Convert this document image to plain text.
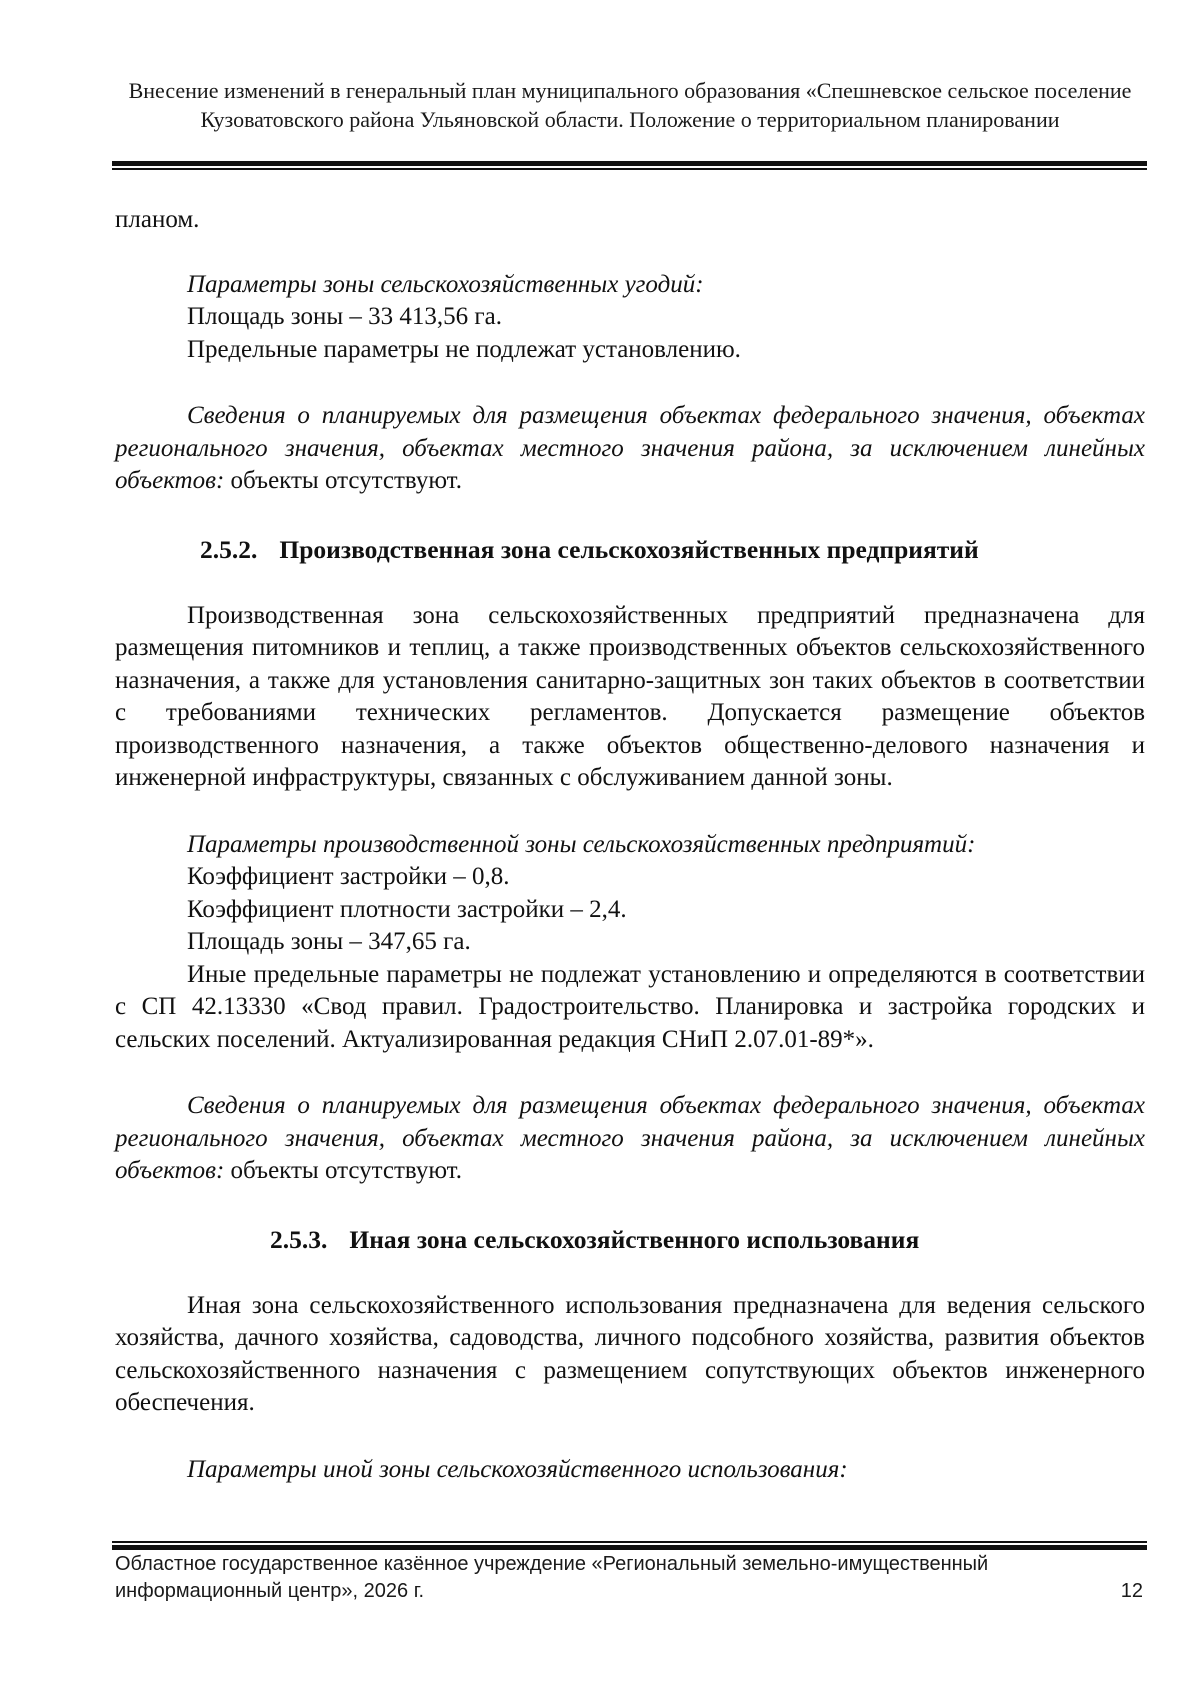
Внесение изменений в генеральный план муниципального образования «Спешневское сельское поселение Кузоватовского района Ульяновской области. Положение о территориальном планировании

планом.

Параметры зоны сельскохозяйственных угодий:

Площадь зоны – 33 413,56 га.

Предельные параметры не подлежат установлению.

Сведения о планируемых для размещения объектах федерального значения, объектах регионального значения, объектах местного значения района, за исключением линейных объектов: объекты отсутствуют.

2.5.2. Производственная зона сельскохозяйственных предприятий

Производственная зона сельскохозяйственных предприятий предназначена для размещения питомников и теплиц, а также производственных объектов сельскохозяйственного назначения, а также для установления санитарно-защитных зон таких объектов в соответствии с требованиями технических регламентов. Допускается размещение объектов производственного назначения, а также объектов общественно-делового назначения и инженерной инфраструктуры, связанных с обслуживанием данной зоны.

Параметры производственной зоны сельскохозяйственных предприятий:

Коэффициент застройки – 0,8.

Коэффициент плотности застройки – 2,4.

Площадь зоны – 347,65 га.

Иные предельные параметры не подлежат установлению и определяются в соответствии с СП 42.13330 «Свод правил. Градостроительство. Планировка и застройка городских и сельских поселений. Актуализированная редакция СНиП 2.07.01-89*».

Сведения о планируемых для размещения объектах федерального значения, объектах регионального значения, объектах местного значения района, за исключением линейных объектов: объекты отсутствуют.

2.5.3. Иная зона сельскохозяйственного использования

Иная зона сельскохозяйственного использования предназначена для ведения сельского хозяйства, дачного хозяйства, садоводства, личного подсобного хозяйства, развития объектов сельскохозяйственного назначения с размещением сопутствующих объектов инженерного обеспечения.

Параметры иной зоны сельскохозяйственного использования:

Областное государственное казённое учреждение «Региональный земельно-имущественный информационный центр», 2026 г.	12
